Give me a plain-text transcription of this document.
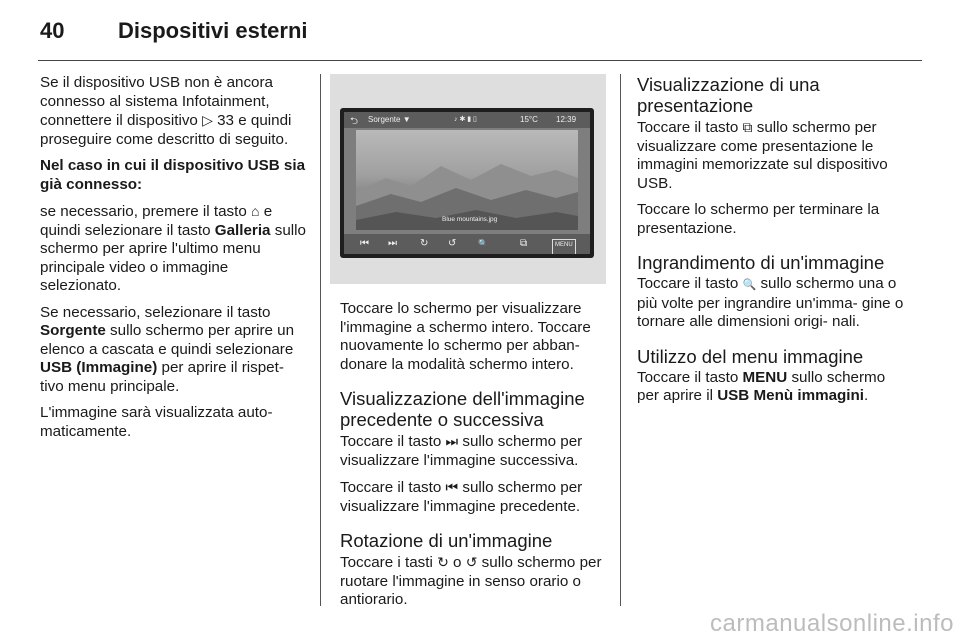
40 Dispositivi esterni

Se il dispositivo USB non è ancora connesso al sistema Infotainment, connettere il dispositivo ▷ 33 e quindi proseguire come descritto di seguito.

Nel caso in cui il dispositivo USB sia già connesso:

se necessario, premere il tasto ⌂ e quindi selezionare il tasto Galleria sullo schermo per aprire l'ultimo menu principale video o immagine selezionato.

Se necessario, selezionare il tasto Sorgente sullo schermo per aprire un elenco a cascata e quindi selezionare USB (Immagine) per aprire il rispet- tivo menu principale.

L'immagine sarà visualizzata auto- maticamente.

⮌ Sorgente ▼	♪ ✱ ▮ ▯	15°C 12:39
Blue mountains.jpg
⏮ ⏭ ↻ ↺	🔍	⧉	MENU

Toccare lo schermo per visualizzare l'immagine a schermo intero. Toccare nuovamente lo schermo per abban- donare la modalità schermo intero.

Visualizzazione dell'immagine precedente o successiva

Toccare il tasto ⏭ sullo schermo per visualizzare l'immagine successiva.

Toccare il tasto ⏮ sullo schermo per visualizzare l'immagine precedente.

Rotazione di un'immagine

Toccare i tasti ↻ o ↺ sullo schermo per ruotare l'immagine in senso orario o antiorario.

Visualizzazione di una presentazione

Toccare il tasto ⧉ sullo schermo per visualizzare come presentazione le immagini memorizzate sul dispositivo USB.

Toccare lo schermo per terminare la presentazione.

Ingrandimento di un'immagine

Toccare il tasto 🔍 sullo schermo una o più volte per ingrandire un'imma- gine o tornare alle dimensioni origi- nali.

Utilizzo del menu immagine

Toccare il tasto MENU sullo schermo per aprire il USB Menù immagini.

carmanualsonline.info
